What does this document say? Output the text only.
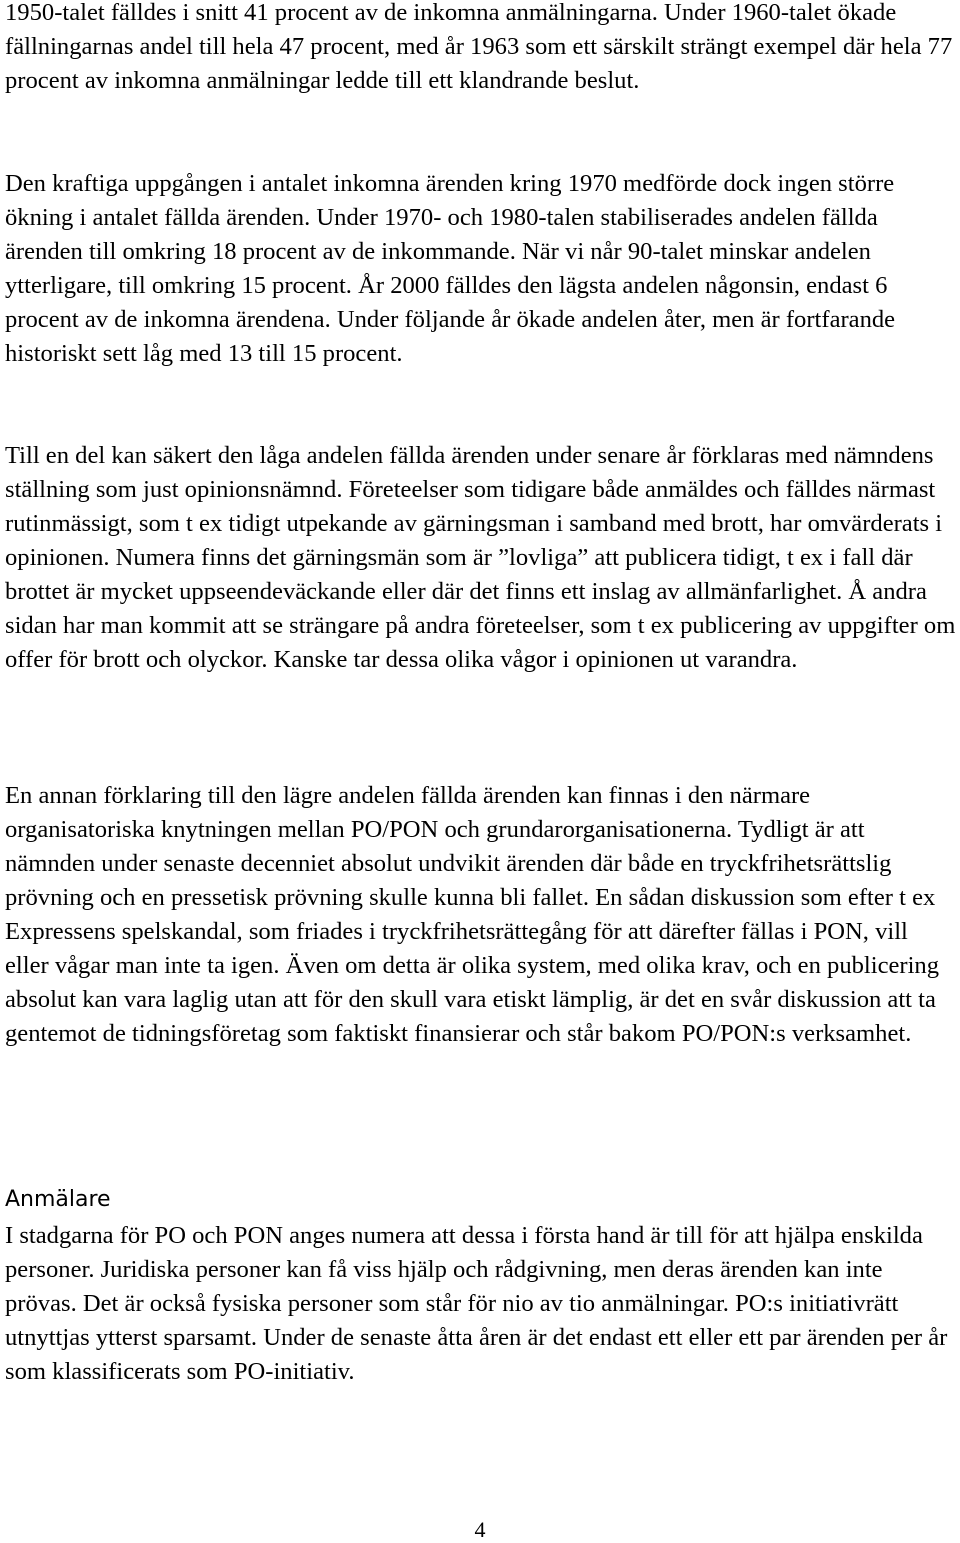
1950-talet fälldes i snitt 41 procent av de inkomna anmälningarna. Under 1960-talet ökade fällningarnas andel till hela 47 procent, med år 1963 som ett särskilt strängt exempel där hela 77 procent av inkomna anmälningar ledde till ett klandrande beslut.

Den kraftiga uppgången i antalet inkomna ärenden kring 1970 medförde dock ingen större ökning i antalet fällda ärenden. Under 1970- och 1980-talen stabiliserades andelen fällda ärenden till omkring 18 procent av de inkommande. När vi når 90-talet minskar andelen ytterligare, till omkring 15 procent. År 2000 fälldes den lägsta andelen någonsin, endast 6 procent av de inkomna ärendena. Under följande år ökade andelen åter, men är fortfarande historiskt sett låg med 13 till 15 procent.

Till en del kan säkert den låga andelen fällda ärenden under senare år förklaras med nämndens ställning som just opinionsnämnd. Företeelser som tidigare både anmäldes och fälldes närmast rutinmässigt, som t ex tidigt utpekande av gärningsman i samband med brott, har omvärderats i opinionen. Numera finns det gärningsmän som är ”lovliga” att publicera tidigt, t ex i fall där brottet är mycket uppseendeväckande eller där det finns ett inslag av allmänfarlighet. Å andra sidan har man kommit att se strängare på andra företeelser, som t ex publicering av uppgifter om offer för brott och olyckor. Kanske tar dessa olika vågor i opinionen ut varandra.

En annan förklaring till den lägre andelen fällda ärenden kan finnas i den närmare organisatoriska knytningen mellan PO/PON och grundarorganisationerna. Tydligt är att nämnden under senaste decenniet absolut undvikit ärenden där både en tryckfrihetsrättslig prövning och en pressetisk prövning skulle kunna bli fallet. En sådan diskussion som efter t ex Expressens spelskandal, som friades i tryckfrihetsrättegång för att därefter fällas i PON, vill eller vågar man inte ta igen. Även om detta är olika system, med olika krav, och en publicering absolut kan vara laglig utan att för den skull vara etiskt lämplig, är det en svår diskussion att ta gentemot de tidningsföretag som faktiskt finansierar och står bakom PO/PON:s verksamhet.

Anmälare

I stadgarna för PO och PON anges numera att dessa i första hand är till för att hjälpa enskilda personer. Juridiska personer kan få viss hjälp och rådgivning, men deras ärenden kan inte prövas. Det är också fysiska personer som står för nio av tio anmälningar. PO:s initiativrätt utnyttjas ytterst sparsamt. Under de senaste åtta åren är det endast ett eller ett par ärenden per år som klassificerats som PO-initiativ.

4
